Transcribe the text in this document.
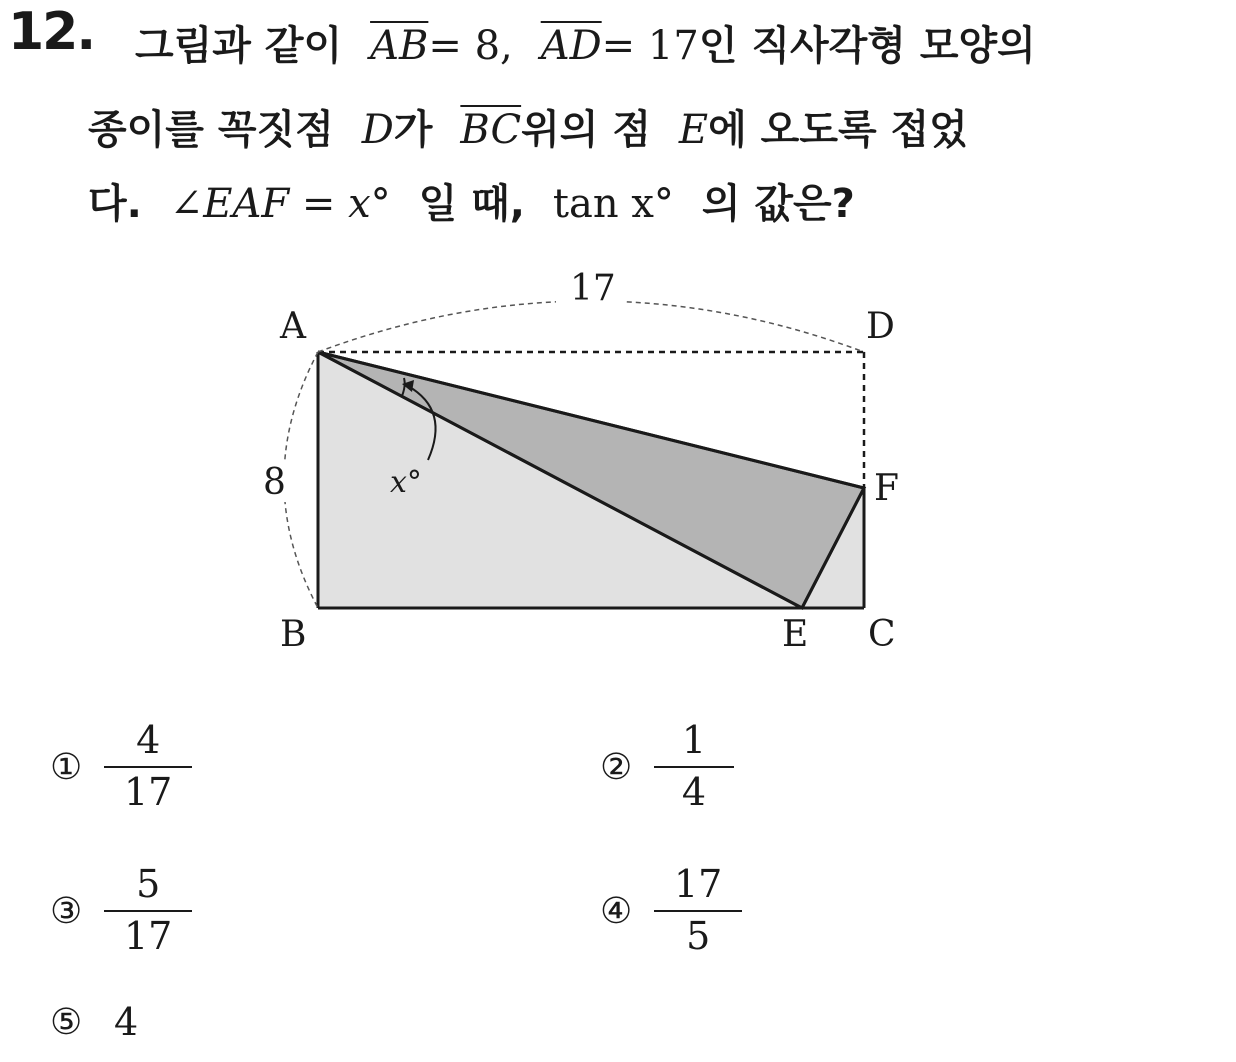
12. 그림과 같이 $\overline{AB}= 8$, $\overline{AD}= 17$인 직사각형 모양의
종이를 꼭짓점 D가 $\overline{BC}$위의 점 E에 오도록 접었
다. ∠EAF = x° 일 때, tan x° 의 값은?
17
8	x°
A	D
F
B	E C
① $\frac{4}{17}$	② $\frac{1}{4}$
③ $\frac{5}{17}$	④ $\frac{17}{5}$
⑤ 4
